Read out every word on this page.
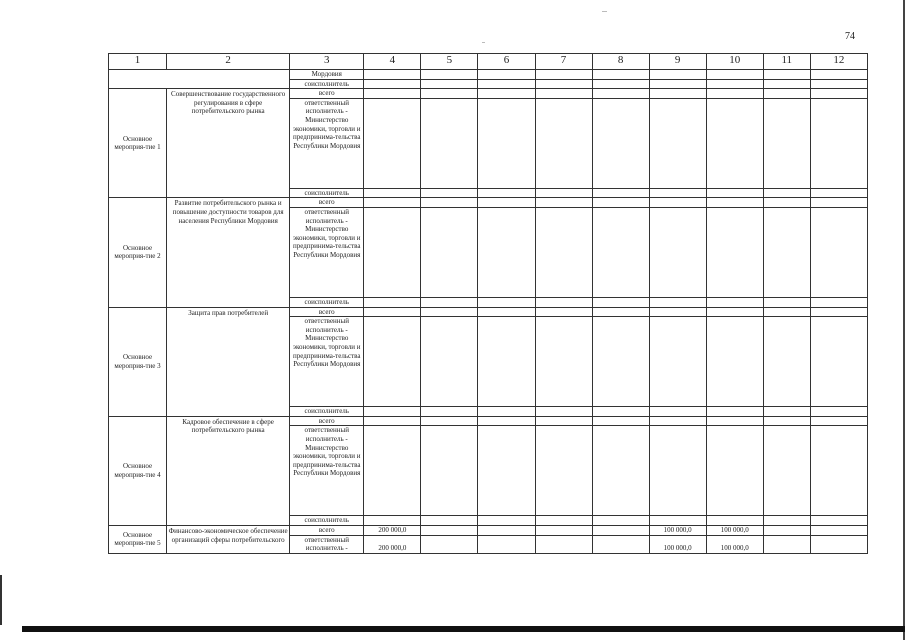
74
1	2	3	4	5	6	7	8	9	10	11	12
		Мордовия									
		соисполнитель									
Основное мероприя-тие 1	Совершенствование государственного регулирования в сфере потребительского рынка	всего									
		ответственный исполнитель - Министерство экономики, торговли и предпринима-тельства Республики Мордовия									
		соисполнитель									
Основное мероприя-тие 2	Развитие потребительского рынка и повышение доступности товаров для населения Республики Мордовия	всего									
		ответственный исполнитель - Министерство экономики, торговли и предпринима-тельства Республики Мордовия									
		соисполнитель									
Основное мероприя-тие 3	Защита прав потребителей	всего									
		ответственный исполнитель - Министерство экономики, торговли и предпринима-тельства Республики Мордовия									
		соисполнитель									
Основное мероприя-тие 4	Кадровое обеспечение в сфере потребительского рынка	всего									
		ответственный исполнитель - Министерство экономики, торговли и предпринима-тельства Республики Мордовия									
		соисполнитель									
Основное мероприя-тие 5	Финансово-экономическое обеспечение организаций сферы потребительского	всего	200 000,0					100 000,0	100 000,0		
		ответственный исполнитель -	200 000,0					100 000,0	100 000,0		
